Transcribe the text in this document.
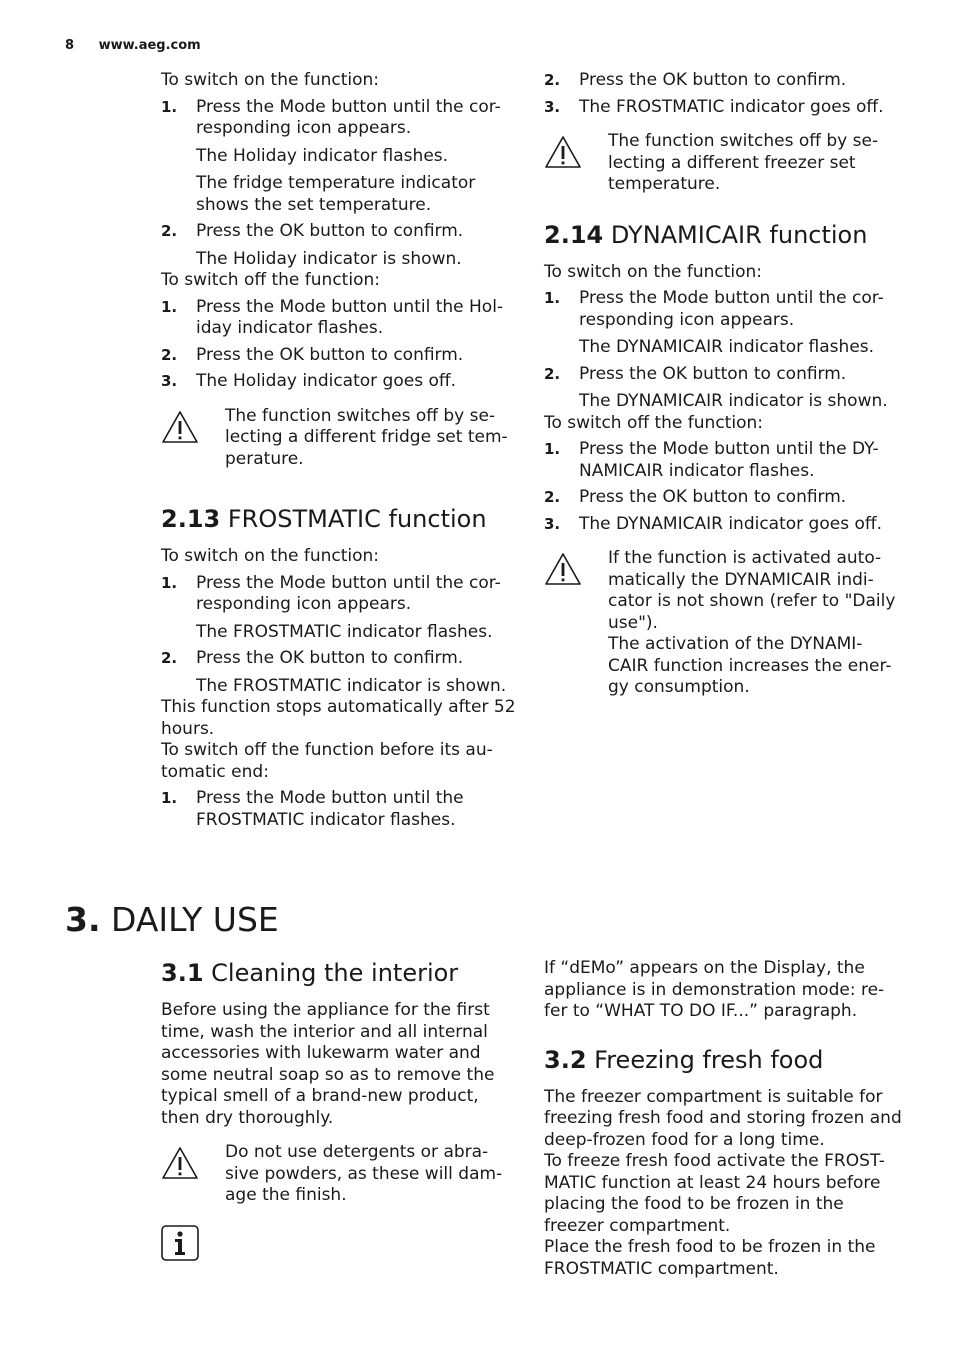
8 www.aeg.com

To switch on the function:

1. Press the Mode button until the cor- responding icon appears.
The Holiday indicator flashes.
The fridge temperature indicator shows the set temperature.
2. Press the OK button to confirm.
The Holiday indicator is shown.

To switch off the function:

1. Press the Mode button until the Hol- iday indicator flashes.
2. Press the OK button to confirm.
3. The Holiday indicator goes off.
The function switches off by se- lecting a different fridge set tem- perature.
2.13 FROSTMATIC function

To switch on the function:

1. Press the Mode button until the cor- responding icon appears.
The FROSTMATIC indicator flashes.
2. Press the OK button to confirm.
The FROSTMATIC indicator is shown.

This function stops automatically after 52 hours.

To switch off the function before its au- tomatic end:

1. Press the Mode button until the FROSTMATIC indicator flashes.
2. Press the OK button to confirm.
3. The FROSTMATIC indicator goes off.
The function switches off by se- lecting a different freezer set temperature.
2.14 DYNAMICAIR function

To switch on the function:

1. Press the Mode button until the cor- responding icon appears.
The DYNAMICAIR indicator flashes.
2. Press the OK button to confirm.
The DYNAMICAIR indicator is shown.

To switch off the function:

1. Press the Mode button until the DY- NAMICAIR indicator flashes.
2. Press the OK button to confirm.
3. The DYNAMICAIR indicator goes off.
If the function is activated auto- matically the DYNAMICAIR indi- cator is not shown (refer to "Daily use").
The activation of the DYNAMI- CAIR function increases the ener- gy consumption.
3. DAILY USE
3.1 Cleaning the interior

Before using the appliance for the first time, wash the interior and all internal accessories with lukewarm water and some neutral soap so as to remove the typical smell of a brand-new product, then dry thoroughly.

Do not use detergents or abra- sive powders, as these will dam- age the finish.

If “dEMo” appears on the Display, the appliance is in demonstration mode: re- fer to “WHAT TO DO IF...” paragraph.

3.2 Freezing fresh food

The freezer compartment is suitable for freezing fresh food and storing frozen and deep-frozen food for a long time.

To freeze fresh food activate the FROST- MATIC function at least 24 hours before placing the food to be frozen in the freezer compartment.

Place the fresh food to be frozen in the FROSTMATIC compartment.
